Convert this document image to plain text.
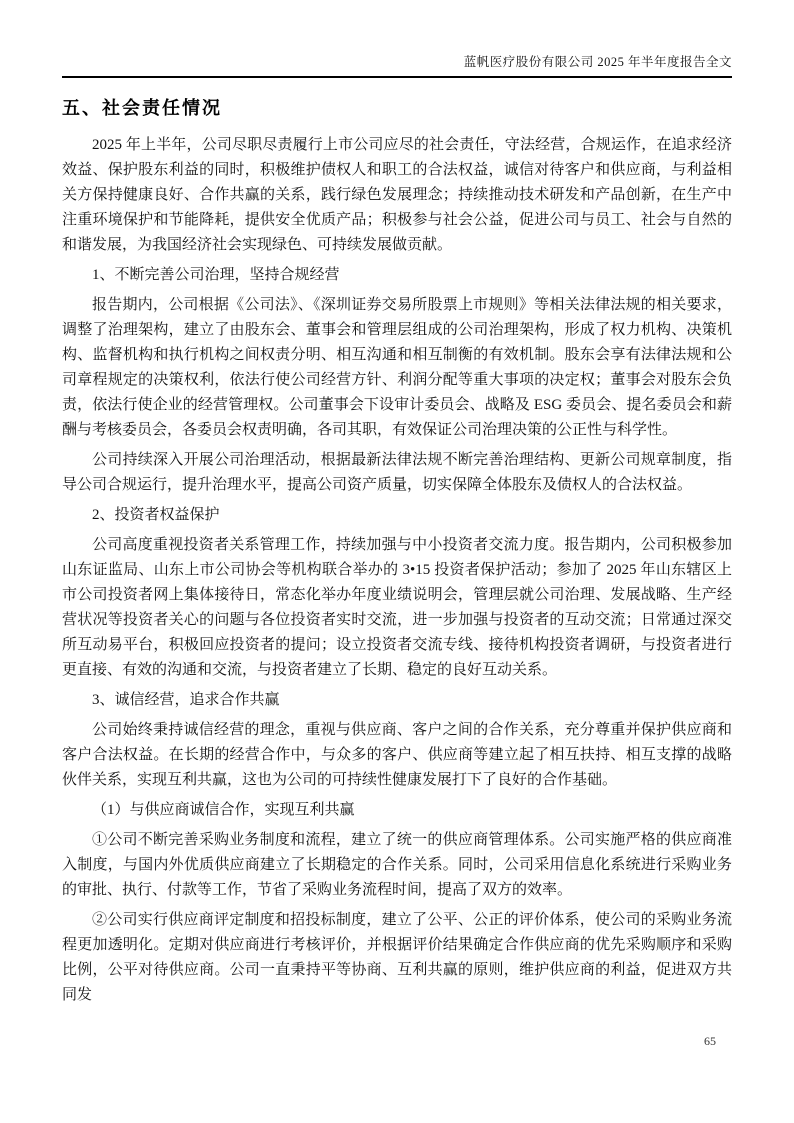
蓝帆医疗股份有限公司 2025 年半年度报告全文
五、社会责任情况

2025 年上半年，公司尽职尽责履行上市公司应尽的社会责任，守法经营，合规运作，在追求经济效益、保护股东利益的同时，积极维护债权人和职工的合法权益，诚信对待客户和供应商，与利益相关方保持健康良好、合作共赢的关系，践行绿色发展理念；持续推动技术研发和产品创新，在生产中注重环境保护和节能降耗，提供安全优质产品；积极参与社会公益，促进公司与员工、社会与自然的和谐发展，为我国经济社会实现绿色、可持续发展做贡献。

1、不断完善公司治理，坚持合规经营

报告期内，公司根据《公司法》、《深圳证券交易所股票上市规则》等相关法律法规的相关要求，调整了治理架构，建立了由股东会、董事会和管理层组成的公司治理架构，形成了权力机构、决策机构、监督机构和执行机构之间权责分明、相互沟通和相互制衡的有效机制。股东会享有法律法规和公司章程规定的决策权利，依法行使公司经营方针、利润分配等重大事项的决定权；董事会对股东会负责，依法行使企业的经营管理权。公司董事会下设审计委员会、战略及 ESG 委员会、提名委员会和薪酬与考核委员会，各委员会权责明确，各司其职，有效保证公司治理决策的公正性与科学性。

公司持续深入开展公司治理活动，根据最新法律法规不断完善治理结构、更新公司规章制度，指导公司合规运行，提升治理水平，提高公司资产质量，切实保障全体股东及债权人的合法权益。

2、投资者权益保护

公司高度重视投资者关系管理工作，持续加强与中小投资者交流力度。报告期内，公司积极参加山东证监局、山东上市公司协会等机构联合举办的 3•15 投资者保护活动；参加了 2025 年山东辖区上市公司投资者网上集体接待日，常态化举办年度业绩说明会，管理层就公司治理、发展战略、生产经营状况等投资者关心的问题与各位投资者实时交流，进一步加强与投资者的互动交流；日常通过深交所互动易平台，积极回应投资者的提问；设立投资者交流专线、接待机构投资者调研，与投资者进行更直接、有效的沟通和交流，与投资者建立了长期、稳定的良好互动关系。

3、诚信经营，追求合作共赢

公司始终秉持诚信经营的理念，重视与供应商、客户之间的合作关系，充分尊重并保护供应商和客户合法权益。在长期的经营合作中，与众多的客户、供应商等建立起了相互扶持、相互支撑的战略伙伴关系，实现互利共赢，这也为公司的可持续性健康发展打下了良好的合作基础。

（1）与供应商诚信合作，实现互利共赢

①公司不断完善采购业务制度和流程，建立了统一的供应商管理体系。公司实施严格的供应商准入制度，与国内外优质供应商建立了长期稳定的合作关系。同时，公司采用信息化系统进行采购业务的审批、执行、付款等工作，节省了采购业务流程时间，提高了双方的效率。

②公司实行供应商评定制度和招投标制度，建立了公平、公正的评价体系，使公司的采购业务流程更加透明化。定期对供应商进行考核评价，并根据评价结果确定合作供应商的优先采购顺序和采购比例，公平对待供应商。公司一直秉持平等协商、互利共赢的原则，维护供应商的利益，促进双方共同发

65
